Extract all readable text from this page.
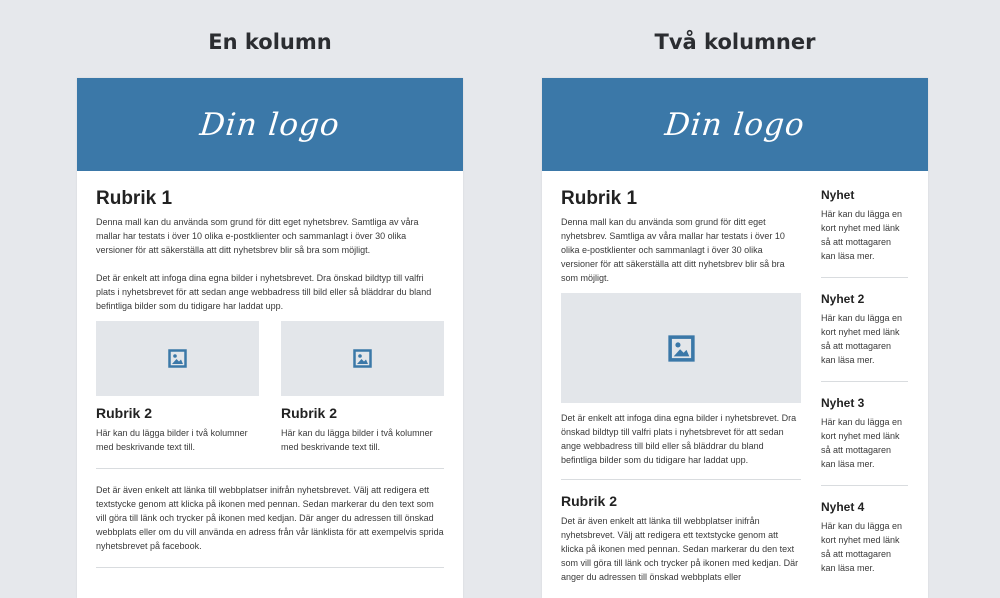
En kolumn	Två kolumner
Din logo
Rubrik 1

Denna mall kan du använda som grund för ditt eget nyhetsbrev. Samtliga av våra mallar har testats i över 10 olika e-postklienter och sammanlagt i över 30 olika versioner för att säkerställa att ditt nyhetsbrev blir så bra som möjligt.

Det är enkelt att infoga dina egna bilder i nyhetsbrevet. Dra önskad bildtyp till valfri plats i nyhetsbrevet för att sedan ange webbadress till bild eller så bläddrar du bland befintliga bilder som du tidigare har laddat upp.

Rubrik 2

Här kan du lägga bilder i två kolumner med beskrivande text till.

Rubrik 2

Här kan du lägga bilder i två kolumner med beskrivande text till.

Det är även enkelt att länka till webbplatser inifrån nyhetsbrevet. Välj att redigera ett textstycke genom att klicka på ikonen med pennan. Sedan markerar du den text som vill göra till länk och trycker på ikonen med kedjan. Där anger du adressen till önskad webbplats eller om du vill använda en adress från vår länklista för att exempelvis sprida nyhetsbrevet på facebook.

Din logo
Rubrik 1

Denna mall kan du använda som grund för ditt eget nyhetsbrev. Samtliga av våra mallar har testats i över 10 olika e-postklienter och sammanlagt i över 30 olika versioner för att säkerställa att ditt nyhetsbrev blir så bra som möjligt.

Det är enkelt att infoga dina egna bilder i nyhetsbrevet. Dra önskad bildtyp till valfri plats i nyhetsbrevet för att sedan ange webbadress till bild eller så bläddrar du bland befintliga bilder som du tidigare har laddat upp.

Rubrik 2

Det är även enkelt att länka till webbplatser inifrån nyhetsbrevet. Välj att redigera ett textstycke genom att klicka på ikonen med pennan. Sedan markerar du den text som vill göra till länk och trycker på ikonen med kedjan. Där anger du adressen till önskad webbplats eller

Nyhet

Här kan du lägga en kort nyhet med länk så att mottagaren kan läsa mer.

Nyhet 2

Här kan du lägga en kort nyhet med länk så att mottagaren kan läsa mer.

Nyhet 3

Här kan du lägga en kort nyhet med länk så att mottagaren kan läsa mer.

Nyhet 4

Här kan du lägga en kort nyhet med länk så att mottagaren kan läsa mer.
